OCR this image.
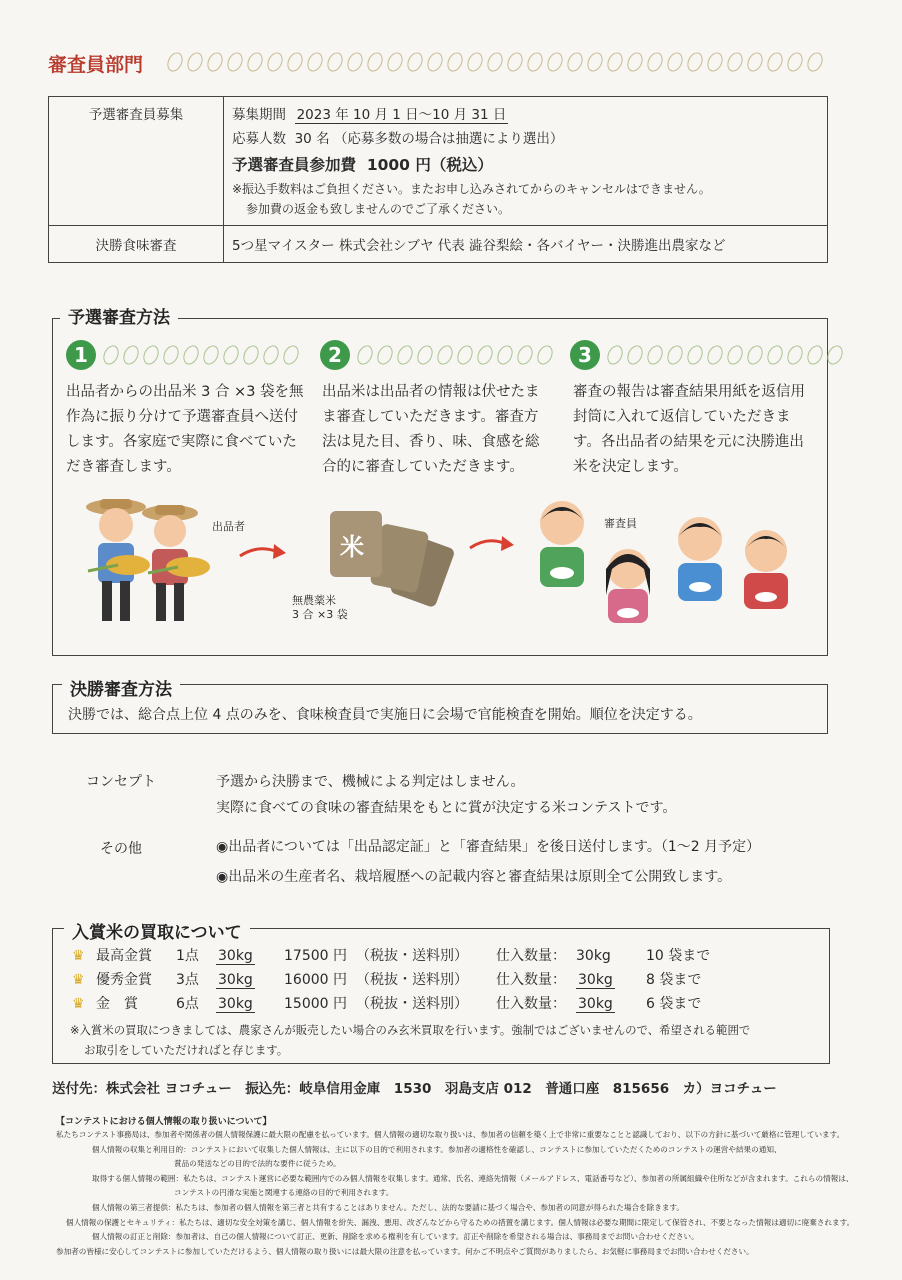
審査員部門
予選審査員募集	募集期間 2023 年 10 月 1 日〜10 月 31 日
応募人数 30 名 （応募多数の場合は抽選により選出）
予選審査員参加費 1000 円（税込）
※振込手数料はご負担ください。またお申し込みされてからのキャンセルはできません。
参加費の返金も致しませんのでご了承ください。

決勝食味審査	5つ星マイスター 株式会社シブヤ 代表 澁谷梨絵・各バイヤー・決勝進出農家など
予選審査方法
1
出品者からの出品米 3 合 ×3 袋を無作為に振り分けて予選審査員へ送付します。各家庭で実際に食べていただき審査します。
2
出品米は出品者の情報は伏せたまま審査していただきます。審査方法は見た目、香り、味、食感を総合的に審査していただきます。
3
審査の報告は審査結果用紙を返信用封筒に入れて返信していただきます。各出品者の結果を元に決勝進出米を決定します。
出品者
米
無農薬米
3 合 ×3 袋
審査員
決勝審査方法
決勝では、総合点上位 4 点のみを、食味検査員で実施日に会場で官能検査を開始。順位を決定する。
コンセプト	予選から決勝まで、機械による判定はしません。
実際に食べての食味の審査結果をもとに賞が決定する米コンテストです。
その他	◉出品者については「出品認定証」と「審査結果」を後日送付します。（1〜2 月予定）
◉出品米の生産者名、栽培履歴への記載内容と審査結果は原則全て公開致します。
入賞米の買取について
♛ 最高金賞	1点	30kg	17500 円 （税抜・送料別）	仕入数量： 30kg	10 袋まで
♛ 優秀金賞	3点	30kg	16000 円 （税抜・送料別）	仕入数量： 30kg	8 袋まで
♛ 金　賞	6点	30kg	15000 円 （税抜・送料別）	仕入数量： 30kg	6 袋まで
※入賞米の買取につきましては、農家さんが販売したい場合のみ玄米買取を行います。強制ではございませんので、希望される範囲で
お取引をしていただければと存じます。
送付先：株式会社 ヨコチュー　振込先：岐阜信用金庫　1530　羽島支店 012　普通口座　815656　カ）ヨコチュー
【コンテストにおける個人情報の取り扱いについて】
私たちコンテスト事務局は、参加者や関係者の個人情報保護に最大限の配慮を払っています。個人情報の適切な取り扱いは、参加者の信頼を築く上で非常に重要なことと認識しており、以下の方針に基づいて厳格に管理しています。
個人情報の収集と利用目的：コンテストにおいて収集した個人情報は、主に以下の目的で利用されます。参加者の適格性を確認し、コンテストに参加していただくためのコンテストの運営や結果の通知、
賞品の発送などの目的で法的な要件に従うため。
取得する個人情報の範囲：私たちは、コンテスト運営に必要な範囲内でのみ個人情報を収集します。通常、氏名、連絡先情報（メールアドレス、電話番号など）、参加者の所属組織や住所などが含まれます。これらの情報は、
コンテストの円滑な実施と関連する連絡の目的で利用されます。
個人情報の第三者提供：私たちは、参加者の個人情報を第三者と共有することはありません。ただし、法的な要請に基づく場合や、参加者の同意が得られた場合を除きます。
個人情報の保護とセキュリティ：私たちは、適切な安全対策を講じ、個人情報を紛失、漏洩、悪用、改ざんなどから守るための措置を講じます。個人情報は必要な期間に限定して保管され、不要となった情報は適切に廃棄されます。
個人情報の訂正と削除：参加者は、自己の個人情報について訂正、更新、削除を求める権利を有しています。訂正や削除を希望される場合は、事務局までお問い合わせください。
参加者の皆様に安心してコンテストに参加していただけるよう、個人情報の取り扱いには最大限の注意を払っています。何かご不明点やご質問がありましたら、お気軽に事務局までお問い合わせください。
